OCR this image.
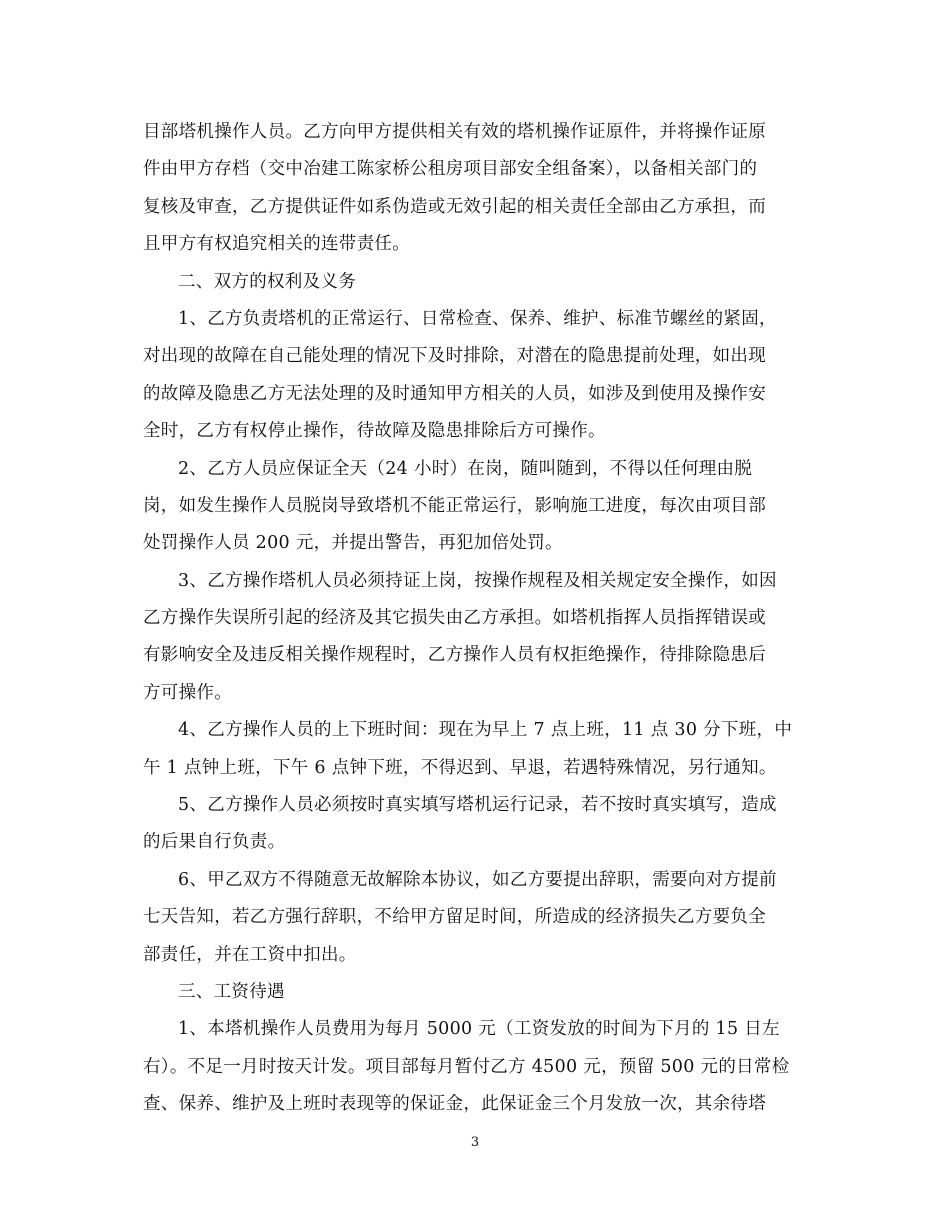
目部塔机操作人员。乙方向甲方提供相关有效的塔机操作证原件，并将操作证原
件由甲方存档（交中冶建工陈家桥公租房项目部安全组备案），以备相关部门的
复核及审查，乙方提供证件如系伪造或无效引起的相关责任全部由乙方承担，而
且甲方有权追究相关的连带责任。
二、双方的权利及义务
1、乙方负责塔机的正常运行、日常检查、保养、维护、标准节螺丝的紧固，
对出现的故障在自己能处理的情况下及时排除，对潜在的隐患提前处理，如出现
的故障及隐患乙方无法处理的及时通知甲方相关的人员，如涉及到使用及操作安
全时，乙方有权停止操作，待故障及隐患排除后方可操作。
2、乙方人员应保证全天（24 小时）在岗，随叫随到，不得以任何理由脱
岗，如发生操作人员脱岗导致塔机不能正常运行，影响施工进度，每次由项目部
处罚操作人员 200 元，并提出警告，再犯加倍处罚。
3、乙方操作塔机人员必须持证上岗，按操作规程及相关规定安全操作，如因
乙方操作失误所引起的经济及其它损失由乙方承担。如塔机指挥人员指挥错误或
有影响安全及违反相关操作规程时，乙方操作人员有权拒绝操作，待排除隐患后
方可操作。
4、乙方操作人员的上下班时间：现在为早上 7 点上班，11 点 30 分下班，中
午 1 点钟上班，下午 6 点钟下班，不得迟到、早退，若遇特殊情况，另行通知。
5、乙方操作人员必须按时真实填写塔机运行记录，若不按时真实填写，造成
的后果自行负责。
6、甲乙双方不得随意无故解除本协议，如乙方要提出辞职，需要向对方提前
七天告知，若乙方强行辞职，不给甲方留足时间，所造成的经济损失乙方要负全
部责任，并在工资中扣出。
三、工资待遇
1、本塔机操作人员费用为每月 5000 元（工资发放的时间为下月的 15 日左
右）。不足一月时按天计发。项目部每月暂付乙方 4500 元，预留 500 元的日常检
查、保养、维护及上班时表现等的保证金，此保证金三个月发放一次，其余待塔
3
